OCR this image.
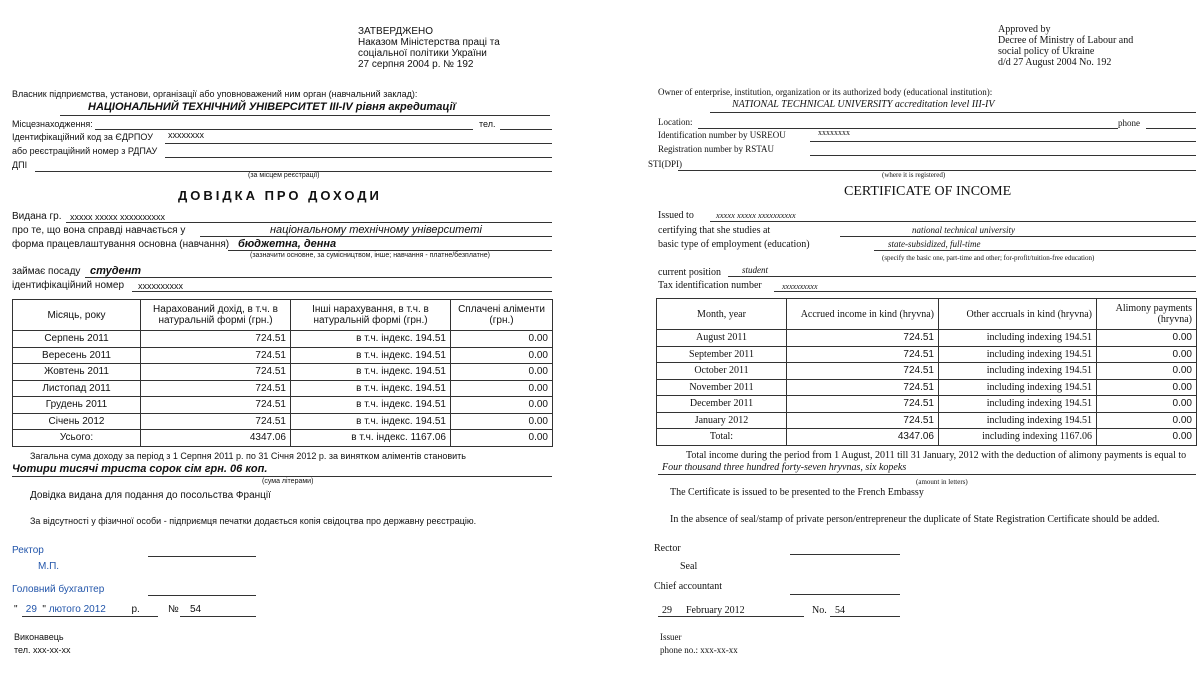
ЗАТВЕРДЖЕНО
Наказом Міністерства праці та
соціальної політики України
27 серпня 2004 р. № 192
Власник підприємства, установи, організації або уповноважений ним орган (навчальний заклад):
НАЦІОНАЛЬНИЙ ТЕХНІЧНИЙ УНІВЕРСИТЕТ III-IV рівня акредитації
Місцезнаходження:	тел.
Ідентифікаційний код за ЄДРПОУ xxxxxxxx
або реєстраційний номер з РДПАУ
ДПІ
(за місцем реєстрації)
ДОВІДКА ПРО ДОХОДИ
Видана гр. xxxxx xxxxx xxxxxxxxxx
про те, що вона справді навчається у	національному технічному університеті
форма працевлаштування основна (навчання) бюджетна, денна
(зазначити основне, за сумісництвом, інше; навчання - платне/безплатне)
займає посаду студент
ідентифікаційний номер xxxxxxxxxx
Місяць, року	Нарахований дохід, в т.ч. в натуральній формі (грн.)	Інші нарахування, в т.ч. в натуральній формі (грн.)	Сплачені аліменти (грн.)
Серпень 2011	724.51	в т.ч. індекс. 194.51	0.00
Вересень 2011	724.51	в т.ч. індекс. 194.51	0.00
Жовтень 2011	724.51	в т.ч. індекс. 194.51	0.00
Листопад 2011	724.51	в т.ч. індекс. 194.51	0.00
Грудень 2011	724.51	в т.ч. індекс. 194.51	0.00
Січень 2012	724.51	в т.ч. індекс. 194.51	0.00
Усього:	4347.06	в т.ч. індекс. 1167.06	0.00
Загальна сума доходу за період з 1 Серпня 2011 р. по 31 Січня 2012 р. за винятком аліментів становить
Чотири тисячі триста сорок сім грн. 06 коп.
(сума літерами)
Довідка видана для подання до посольства Франції
За відсутності у фізичної особи - підприємця печатки додається копія свідоцтва про державну реєстрацію.
Ректор
М.П.
Головний бухгалтер
" 29 " лютого 2012	р.	№ 54
Виконавець
тел. xxx-xx-xx
Approved by
Decree of Ministry of Labour and
social policy of Ukraine
d/d 27 August 2004 No. 192
Owner of enterprise, institution, organization or its authorized body (educational institution):
NATIONAL TECHNICAL UNIVERSITY accreditation level III-IV
Location:	phone
Identification number by USREOU	xxxxxxxx
Registration number by RSTAU
STI(DPI)
(where it is registered)
CERTIFICATE OF INCOME
Issued to	xxxxx xxxxx xxxxxxxxxx
certifying that she studies at	national technical university
basic type of employment (education)	state-subsidized, full-time
(specify the basic one, part-time and other; for-profit/tuition-free education)
current position student
Tax identification number	xxxxxxxxxx
Month, year	Accrued income in kind (hryvna)	Other accruals in kind (hryvna)	Alimony payments (hryvna)
August 2011	724.51	including indexing 194.51	0.00
September 2011	724.51	including indexing 194.51	0.00
October 2011	724.51	including indexing 194.51	0.00
November 2011	724.51	including indexing 194.51	0.00
December 2011	724.51	including indexing 194.51	0.00
January 2012	724.51	including indexing 194.51	0.00
Total:	4347.06	including indexing 1167.06	0.00
Total income during the period from 1 August, 2011 till 31 January, 2012 with the deduction of alimony payments is equal to
Four thousand three hundred forty-seven hryvnas, six kopeks
(amount in letters)
The Certificate is issued to be presented to the French Embassy
In the absence of seal/stamp of private person/entrepreneur the duplicate of State Registration Certificate should be added.
Rector
Seal
Chief accountant
29 February 2012	No. 54
Issuer
phone no.: xxx-xx-xx
